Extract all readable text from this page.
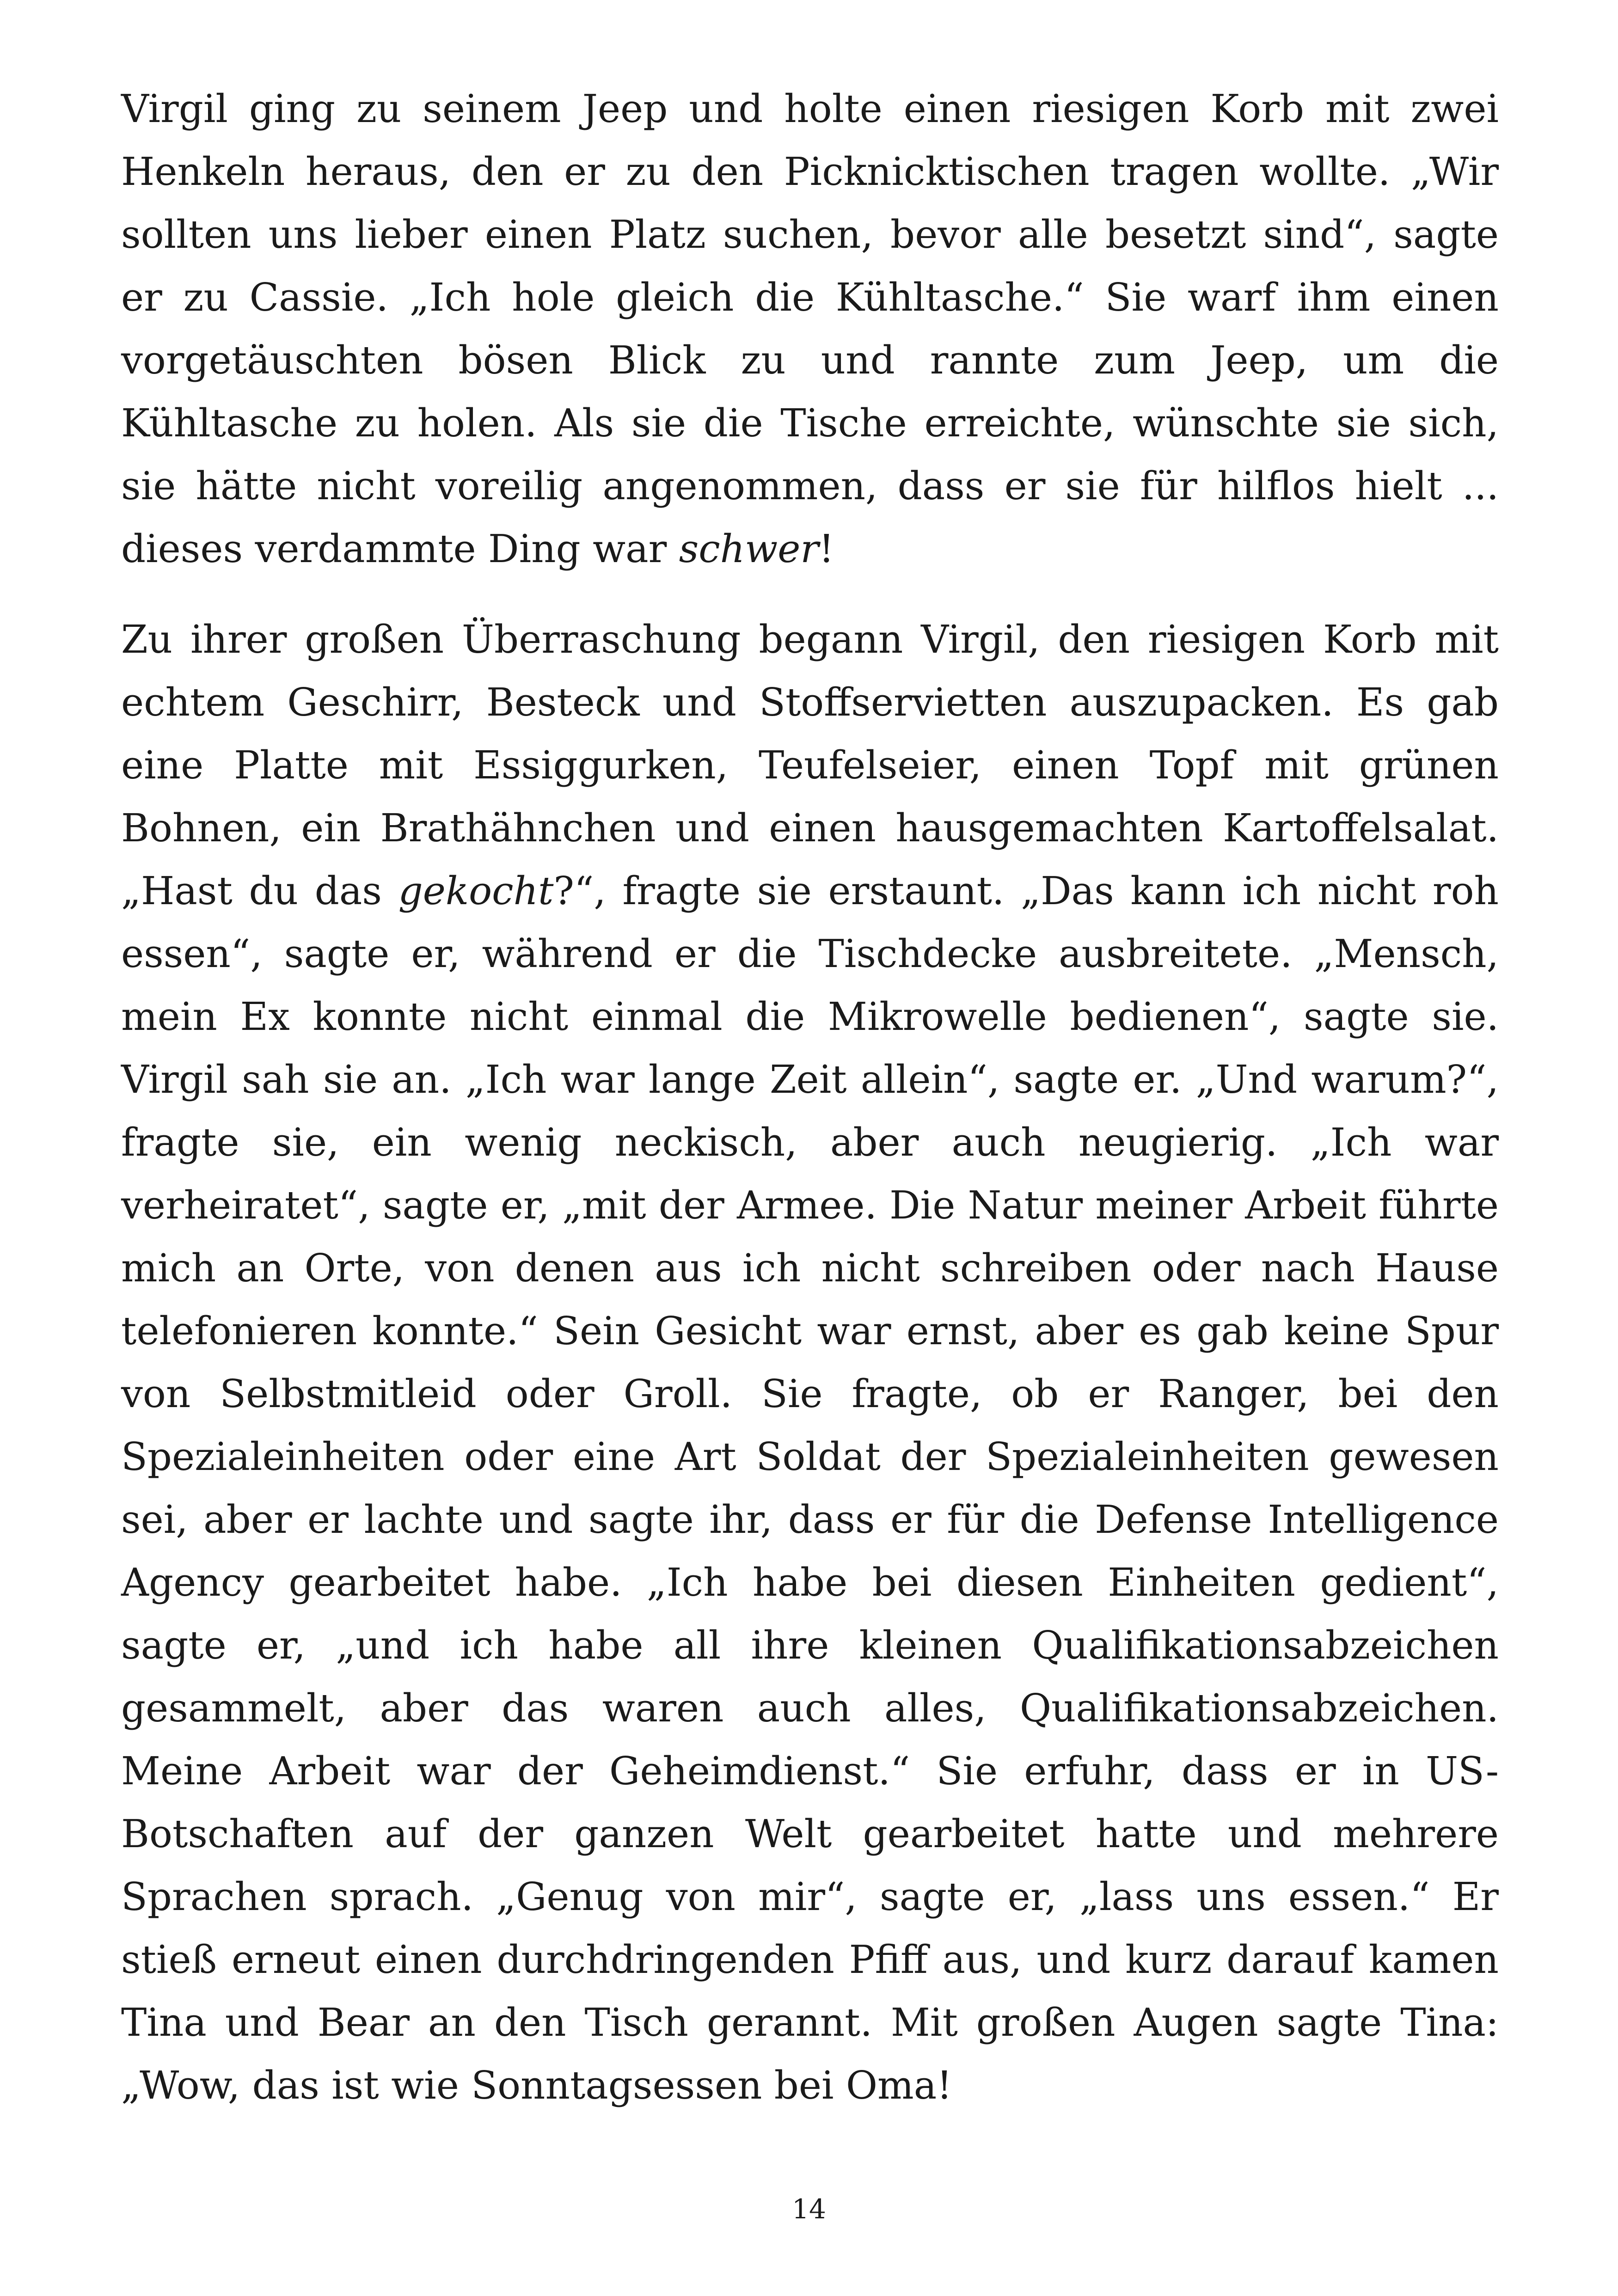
Virgil ging zu seinem Jeep und holte einen riesigen Korb mit zwei Henkeln heraus, den er zu den Picknicktischen tragen wollte. „Wir sollten uns lieber einen Platz suchen, bevor alle besetzt sind“, sagte er zu Cassie. „Ich hole gleich die Kühltasche.“ Sie warf ihm einen vorgetäuschten bösen Blick zu und rannte zum Jeep, um die Kühltasche zu holen. Als sie die Tische erreichte, wünschte sie sich, sie hätte nicht voreilig angenommen, dass er sie für hilflos hielt ... dieses verdammte Ding war schwer!

Zu ihrer großen Überraschung begann Virgil, den riesigen Korb mit echtem Geschirr, Besteck und Stoffservietten auszupacken. Es gab eine Platte mit Essiggurken, Teufelseier, einen Topf mit grünen Bohnen, ein Brathähnchen und einen hausgemachten Kartoffelsalat. „Hast du das gekocht?“, fragte sie erstaunt. „Das kann ich nicht roh essen“, sagte er, während er die Tischdecke ausbreitete. „Mensch, mein Ex konnte nicht einmal die Mikrowelle bedienen“, sagte sie. Virgil sah sie an. „Ich war lange Zeit allein“, sagte er. „Und warum?“, fragte sie, ein wenig neckisch, aber auch neugierig. „Ich war verheiratet“, sagte er, „mit der Armee. Die Natur meiner Arbeit führte mich an Orte, von denen aus ich nicht schreiben oder nach Hause telefonieren konnte.“ Sein Gesicht war ernst, aber es gab keine Spur von Selbstmitleid oder Groll. Sie fragte, ob er Ranger, bei den Spezialeinheiten oder eine Art Soldat der Spezialeinheiten gewesen sei, aber er lachte und sagte ihr, dass er für die Defense Intelligence Agency gearbeitet habe. „Ich habe bei diesen Einheiten gedient“, sagte er, „und ich habe all ihre kleinen Qualifikationsabzeichen gesammelt, aber das waren auch alles, Qualifikationsabzeichen. Meine Arbeit war der Geheimdienst.“ Sie erfuhr, dass er in US-Botschaften auf der ganzen Welt gearbeitet hatte und mehrere Sprachen sprach. „Genug von mir“, sagte er, „lass uns essen.“ Er stieß erneut einen durchdringenden Pfiff aus, und kurz darauf kamen Tina und Bear an den Tisch gerannt. Mit großen Augen sagte Tina: „Wow, das ist wie Sonntagsessen bei Oma!

14
